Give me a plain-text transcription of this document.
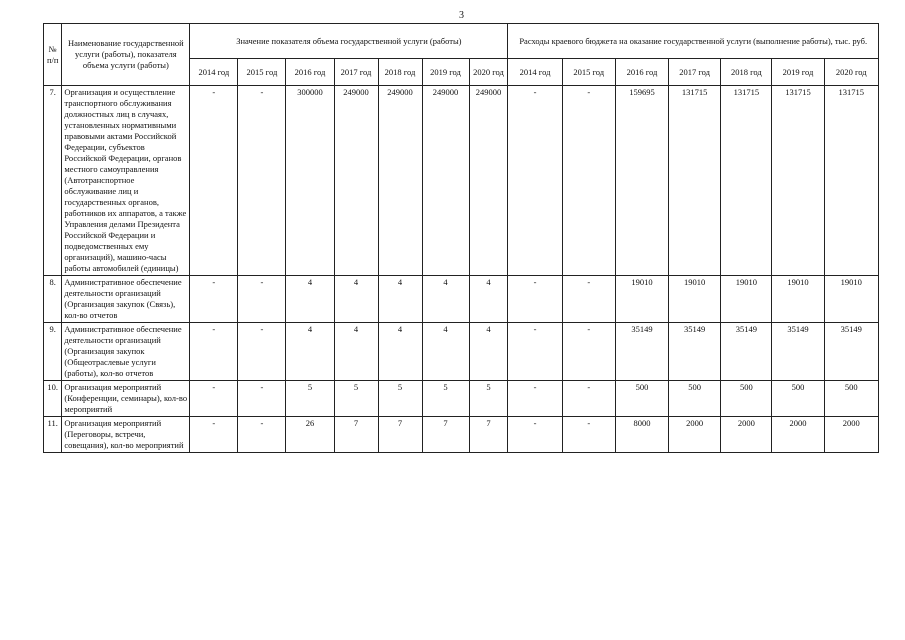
3
№ п/п	Наименование государственной услуги (работы), показателя объема услуги (работы)	Значение показателя объема государственной услуги (работы)							Расходы краевого бюджета на оказание государственной услуги (выполнение работы), тыс. руб.						
		2014 год	2015 год	2016 год	2017 год	2018 год	2019 год	2020 год	2014 год	2015 год	2016 год	2017 год	2018 год	2019 год	2020 год
7.	Организация и осуществление транспортного обслуживания должностных лиц в случаях, установленных нормативными правовыми актами Российской Федерации, субъектов Российской Федерации, органов местного самоуправления (Автотранспортное обслуживание лиц и государственных органов, работников их аппаратов, а также Управления делами Президента Российской Федерации и подведомственных ему организаций), машино-часы работы автомобилей (единицы)	-	-	300000	249000	249000	249000	249000	-	-	159695	131715	131715	131715	131715
8.	Административное обеспечение деятельности организаций (Организация закупок (Связь), кол-во отчетов	-	-	4	4	4	4	4	-	-	19010	19010	19010	19010	19010
9.	Административное обеспечение деятельности организаций (Организация закупок (Общеотраслевые услуги (работы), кол-во отчетов	-	-	4	4	4	4	4	-	-	35149	35149	35149	35149	35149
10.	Организация мероприятий (Конференции, семинары), кол-во мероприятий	-	-	5	5	5	5	5	-	-	500	500	500	500	500
11.	Организация мероприятий (Переговоры, встречи, совещания), кол-во мероприятий	-	-	26	7	7	7	7	-	-	8000	2000	2000	2000	2000
